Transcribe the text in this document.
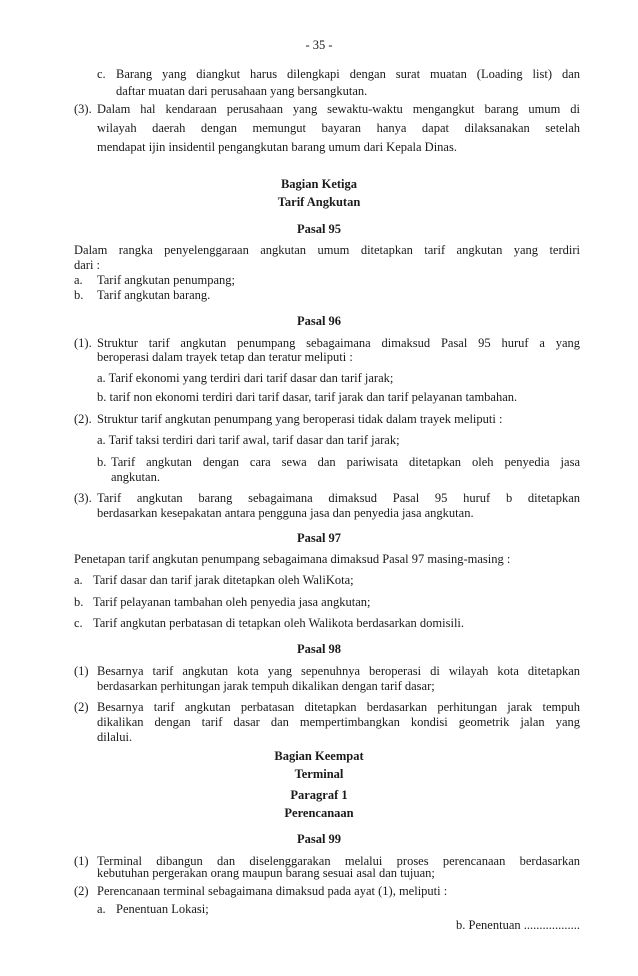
- 35 -
c. Barang yang diangkut harus dilengkapi dengan surat muatan (Loading list) dan
daftar muatan dari perusahaan yang bersangkutan.
(3). Dalam hal kendaraan perusahaan yang sewaktu-waktu mengangkut barang umum di
wilayah daerah dengan memungut bayaran hanya dapat dilaksanakan setelah
mendapat ijin insidentil pengangkutan barang umum dari Kepala Dinas.
Bagian Ketiga
Tarif Angkutan
Pasal 95
Dalam rangka penyelenggaraan angkutan umum ditetapkan tarif angkutan yang terdiri
dari :
a. Tarif angkutan penumpang;
b. Tarif angkutan barang.
Pasal 96
(1). Struktur tarif angkutan penumpang sebagaimana dimaksud Pasal 95 huruf a yang
beroperasi dalam trayek tetap dan teratur meliputi :
a. Tarif ekonomi yang terdiri dari tarif dasar dan tarif jarak;
b. tarif non ekonomi terdiri dari tarif dasar, tarif jarak dan tarif pelayanan tambahan.
(2). Struktur tarif angkutan penumpang yang beroperasi tidak dalam trayek meliputi :
a. Tarif taksi terdiri dari tarif awal, tarif dasar dan tarif jarak;
b. Tarif angkutan dengan cara sewa dan pariwisata ditetapkan oleh penyedia jasa
angkutan.
(3). Tarif angkutan barang sebagaimana dimaksud Pasal 95 huruf b ditetapkan
berdasarkan kesepakatan antara pengguna jasa dan penyedia jasa angkutan.
Pasal 97
Penetapan tarif angkutan penumpang sebagaimana dimaksud Pasal 97 masing-masing :
a. Tarif dasar dan tarif jarak ditetapkan oleh WaliKota;
b. Tarif pelayanan tambahan oleh penyedia jasa angkutan;
c. Tarif angkutan perbatasan di tetapkan oleh Walikota berdasarkan domisili.
Pasal 98
(1) Besarnya tarif angkutan kota yang sepenuhnya beroperasi di wilayah kota ditetapkan
berdasarkan perhitungan jarak tempuh dikalikan dengan tarif dasar;
(2) Besarnya tarif angkutan perbatasan ditetapkan berdasarkan perhitungan jarak tempuh
dikalikan dengan tarif dasar dan mempertimbangkan kondisi geometrik jalan yang
dilalui.
Bagian Keempat
Terminal
Paragraf 1
Perencanaan
Pasal 99
(1) Terminal dibangun dan diselenggarakan melalui proses perencanaan berdasarkan
kebutuhan pergerakan orang maupun barang sesuai asal dan tujuan;
(2) Perencanaan terminal sebagaimana dimaksud pada ayat (1), meliputi :
a. Penentuan Lokasi;
b. Penentuan ..................
